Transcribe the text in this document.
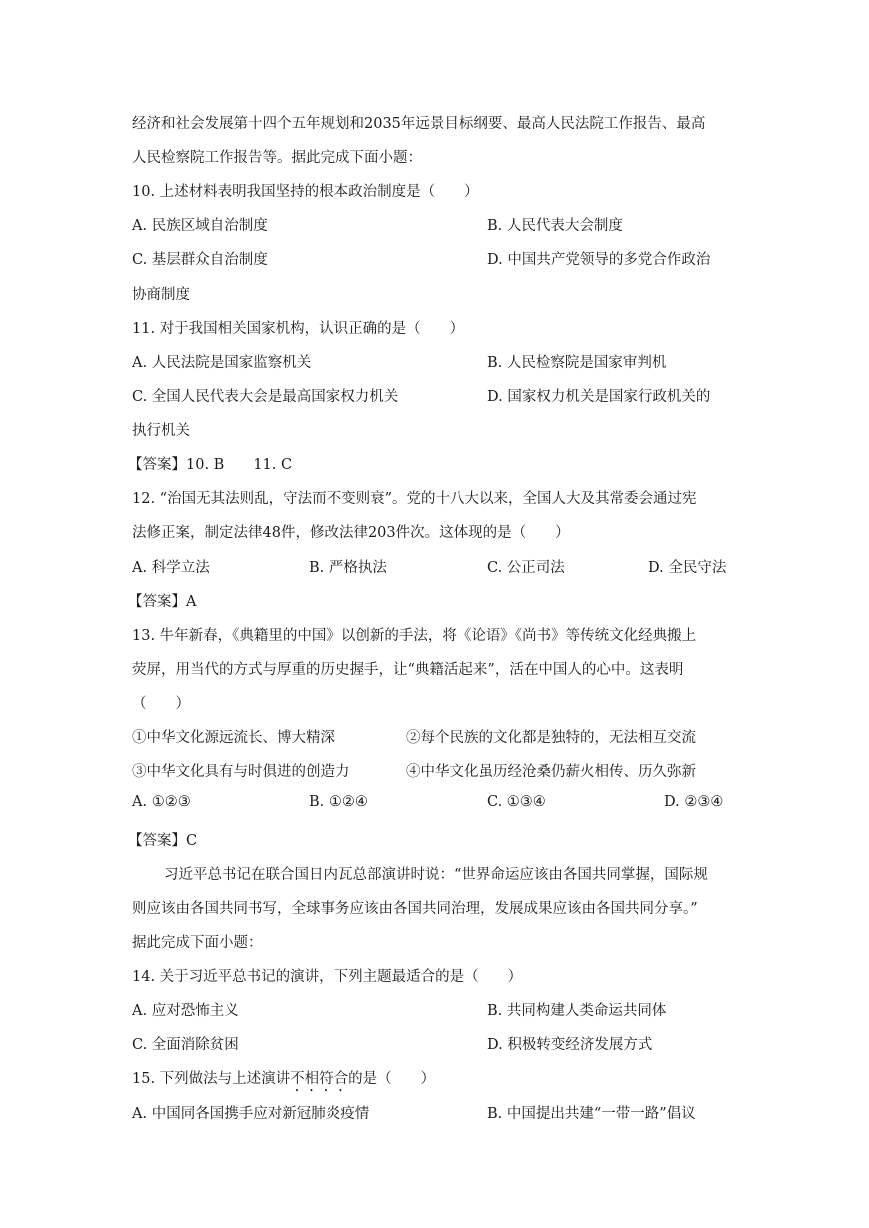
经济和社会发展第十四个五年规划和2035年远景目标纲要、最高人民法院工作报告、最高
人民检察院工作报告等。据此完成下面小题：
10. 上述材料表明我国坚持的根本政治制度是（　　）
A. 民族区域自治制度	B. 人民代表大会制度
C. 基层群众自治制度	D. 中国共产党领导的多党合作政治
协商制度
11. 对于我国相关国家机构，认识正确的是（　　）
A. 人民法院是国家监察机关	B. 人民检察院是国家审判机
C. 全国人民代表大会是最高国家权力机关	D. 国家权力机关是国家行政机关的
执行机关
【答案】10. B　　11. C
12. “治国无其法则乱，守法而不变则衰”。党的十八大以来，全国人大及其常委会通过宪
法修正案，制定法律48件，修改法律203件次。这体现的是（　　）
A. 科学立法	B. 严格执法	C. 公正司法	D. 全民守法
【答案】A
13. 牛年新春，《典籍里的中国》以创新的手法，将《论语》《尚书》等传统文化经典搬上
荧屏，用当代的方式与厚重的历史握手，让“典籍活起来”，活在中国人的心中。这表明
（　　）
①中华文化源远流长、博大精深	②每个民族的文化都是独特的，无法相互交流
③中华文化具有与时俱进的创造力	④中华文化虽历经沧桑仍薪火相传、历久弥新
A. ①②③	B. ①②④	C. ①③④	D. ②③④
【答案】C
习近平总书记在联合国日内瓦总部演讲时说：“世界命运应该由各国共同掌握，国际规
则应该由各国共同书写，全球事务应该由各国共同治理，发展成果应该由各国共同分享。”
据此完成下面小题：
14. 关于习近平总书记的演讲，下列主题最适合的是（　　）
A. 应对恐怖主义	B. 共同构建人类命运共同体
C. 全面消除贫困	D. 积极转变经济发展方式
15. 下列做法与上述演讲不相符合的是（　　）
A. 中国同各国携手应对新冠肺炎疫情	B. 中国提出共建“一带一路”倡议
